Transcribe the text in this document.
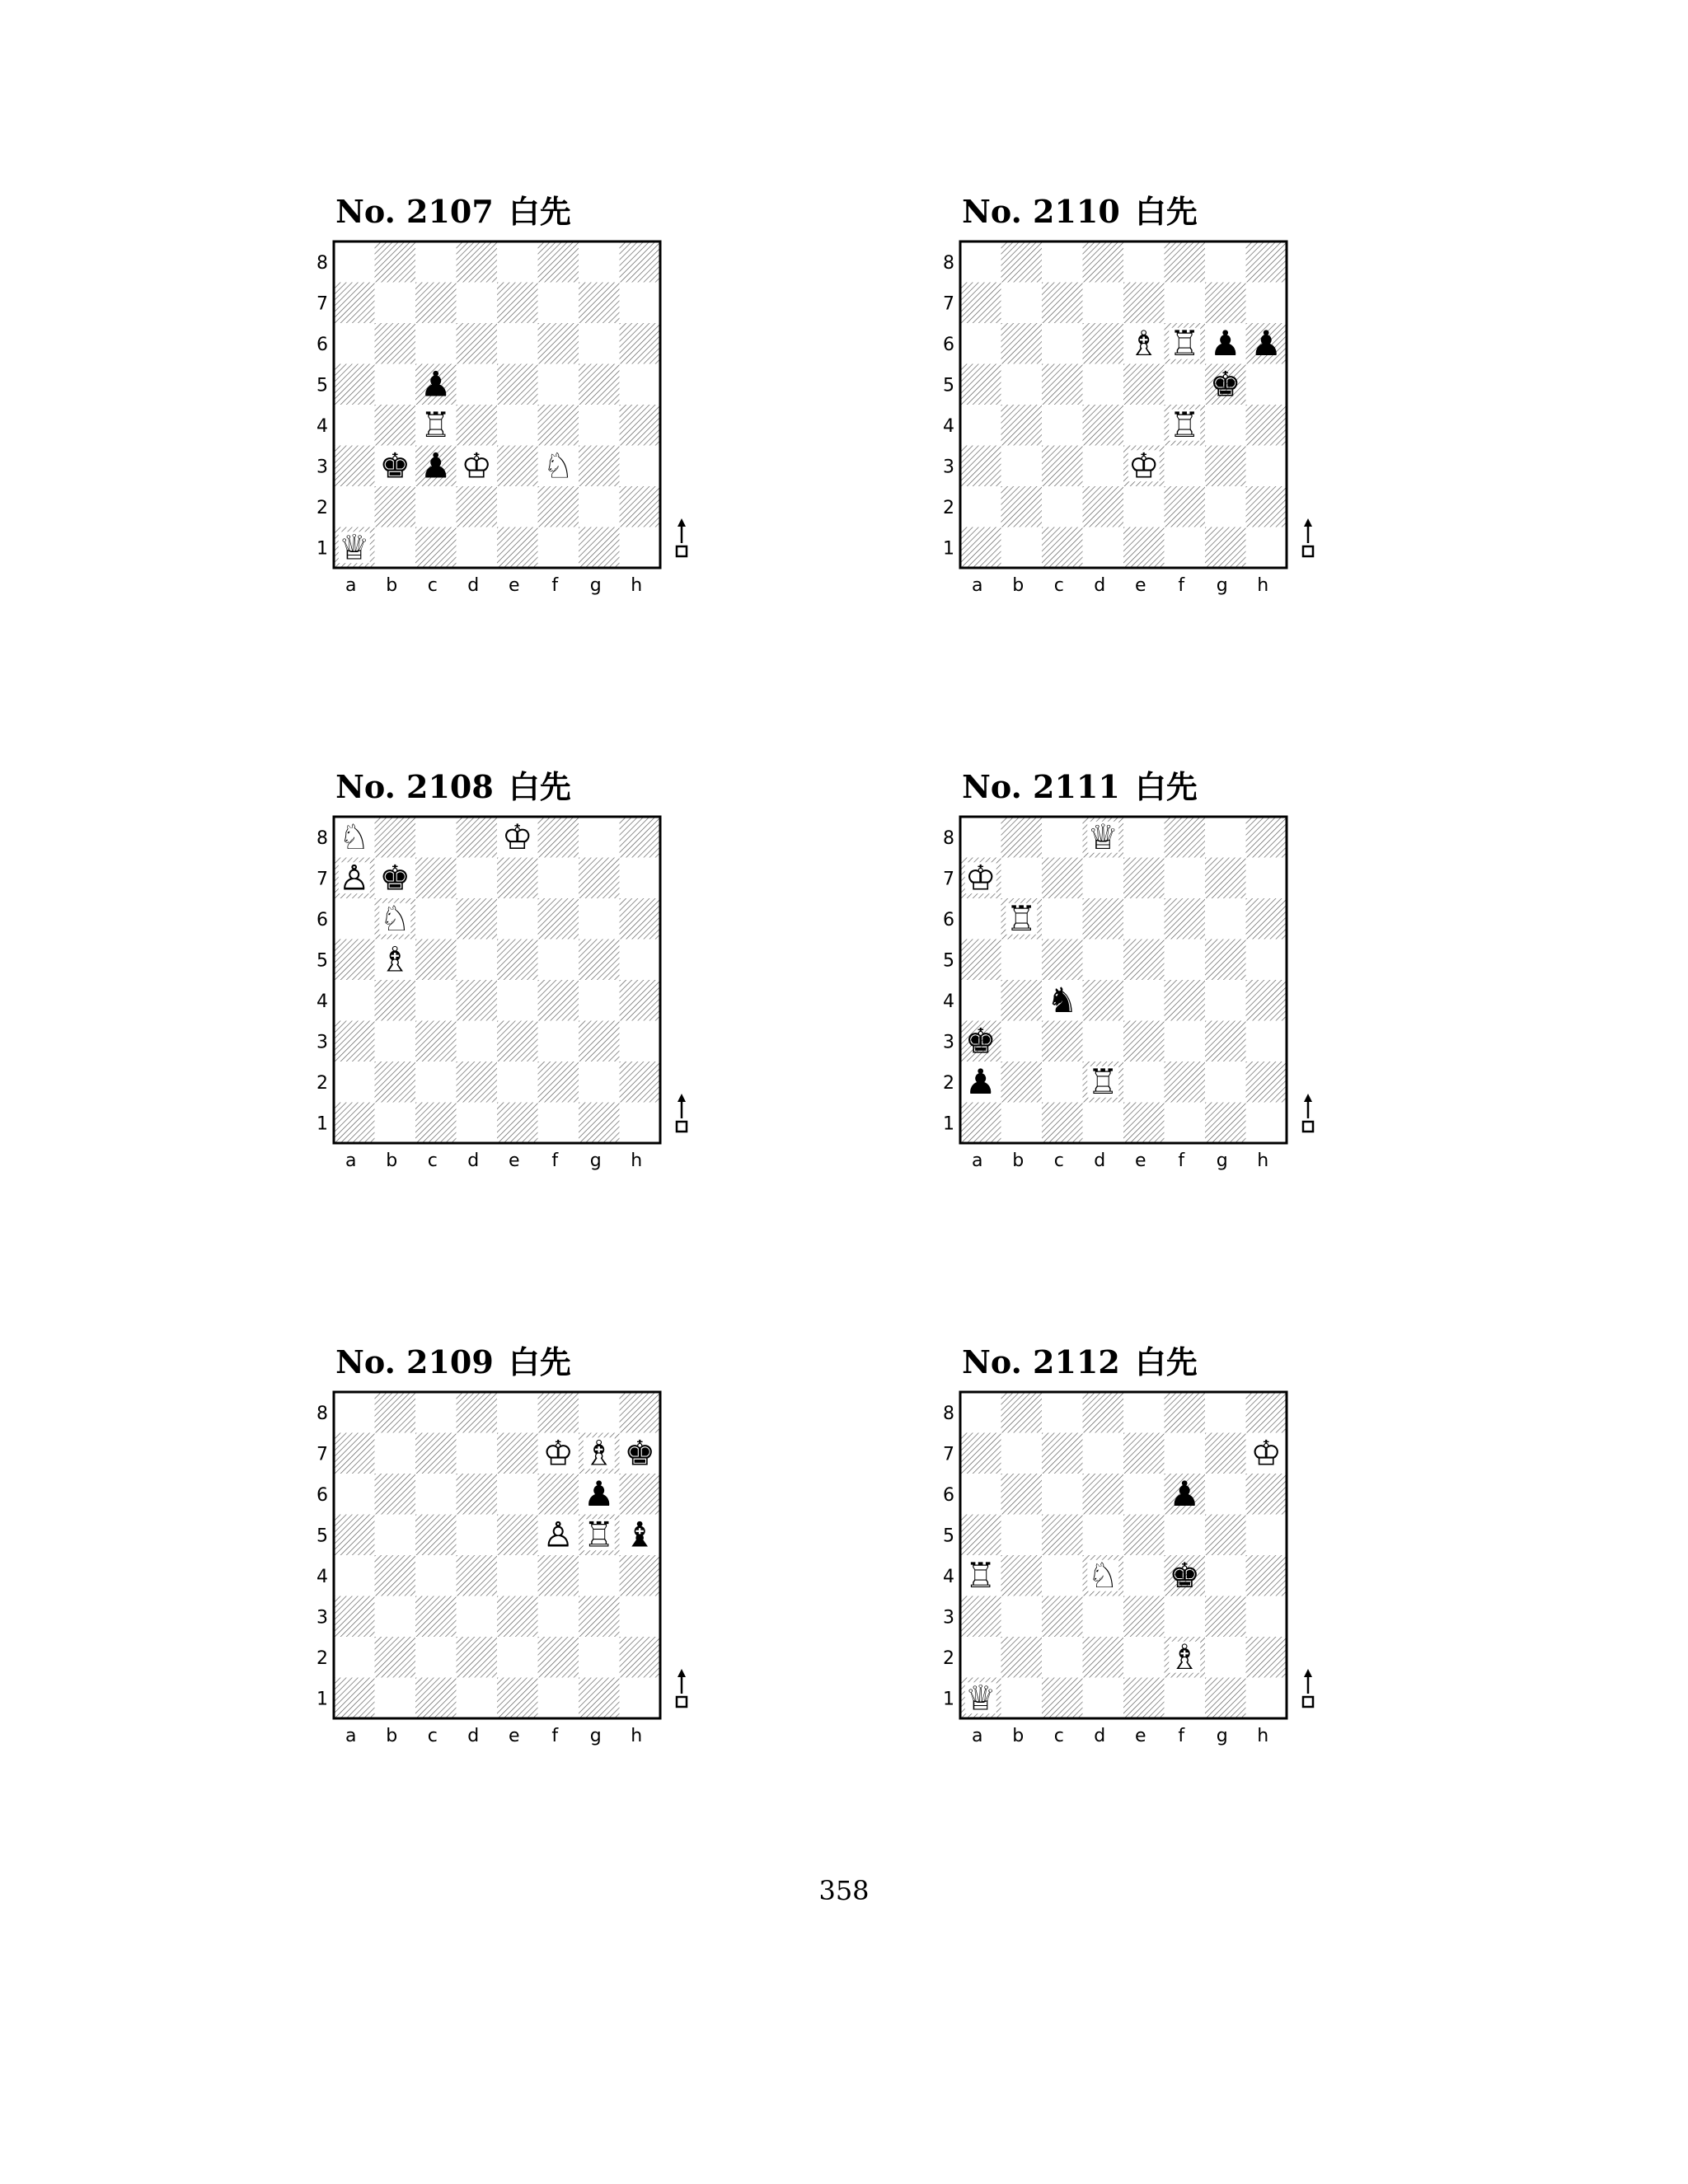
No. 2107 白先
8
7
6
5
4
3
2
1
a b c d e f g h
♟
♖
♚ ♟ ♔ ♘
♕
No. 2110 白先
8
7
6
5
4
3
2
1
a b c d e f g h
♗ ♖ ♟ ♟
♚
♖
♔
No. 2108 白先
8
7
6
5
4
3
2
1
a b c d e f g h
♘	♔
♙ ♚
♘
♗
No. 2111 白先
8
7
6
5
4
3
2
1
a b c d e f g h
♕
♔
♖
♞
♚
♟	♖
No. 2109 白先
8
7
6
5
4
3
2
1
a b c d e f g h
♔ ♗ ♚
♟
♙ ♖ ♝
No. 2112 白先
8
7
6
5
4
3
2
1
a b c d e f g h
♔
♟
♖	♘ ♚
♗
♕
358
